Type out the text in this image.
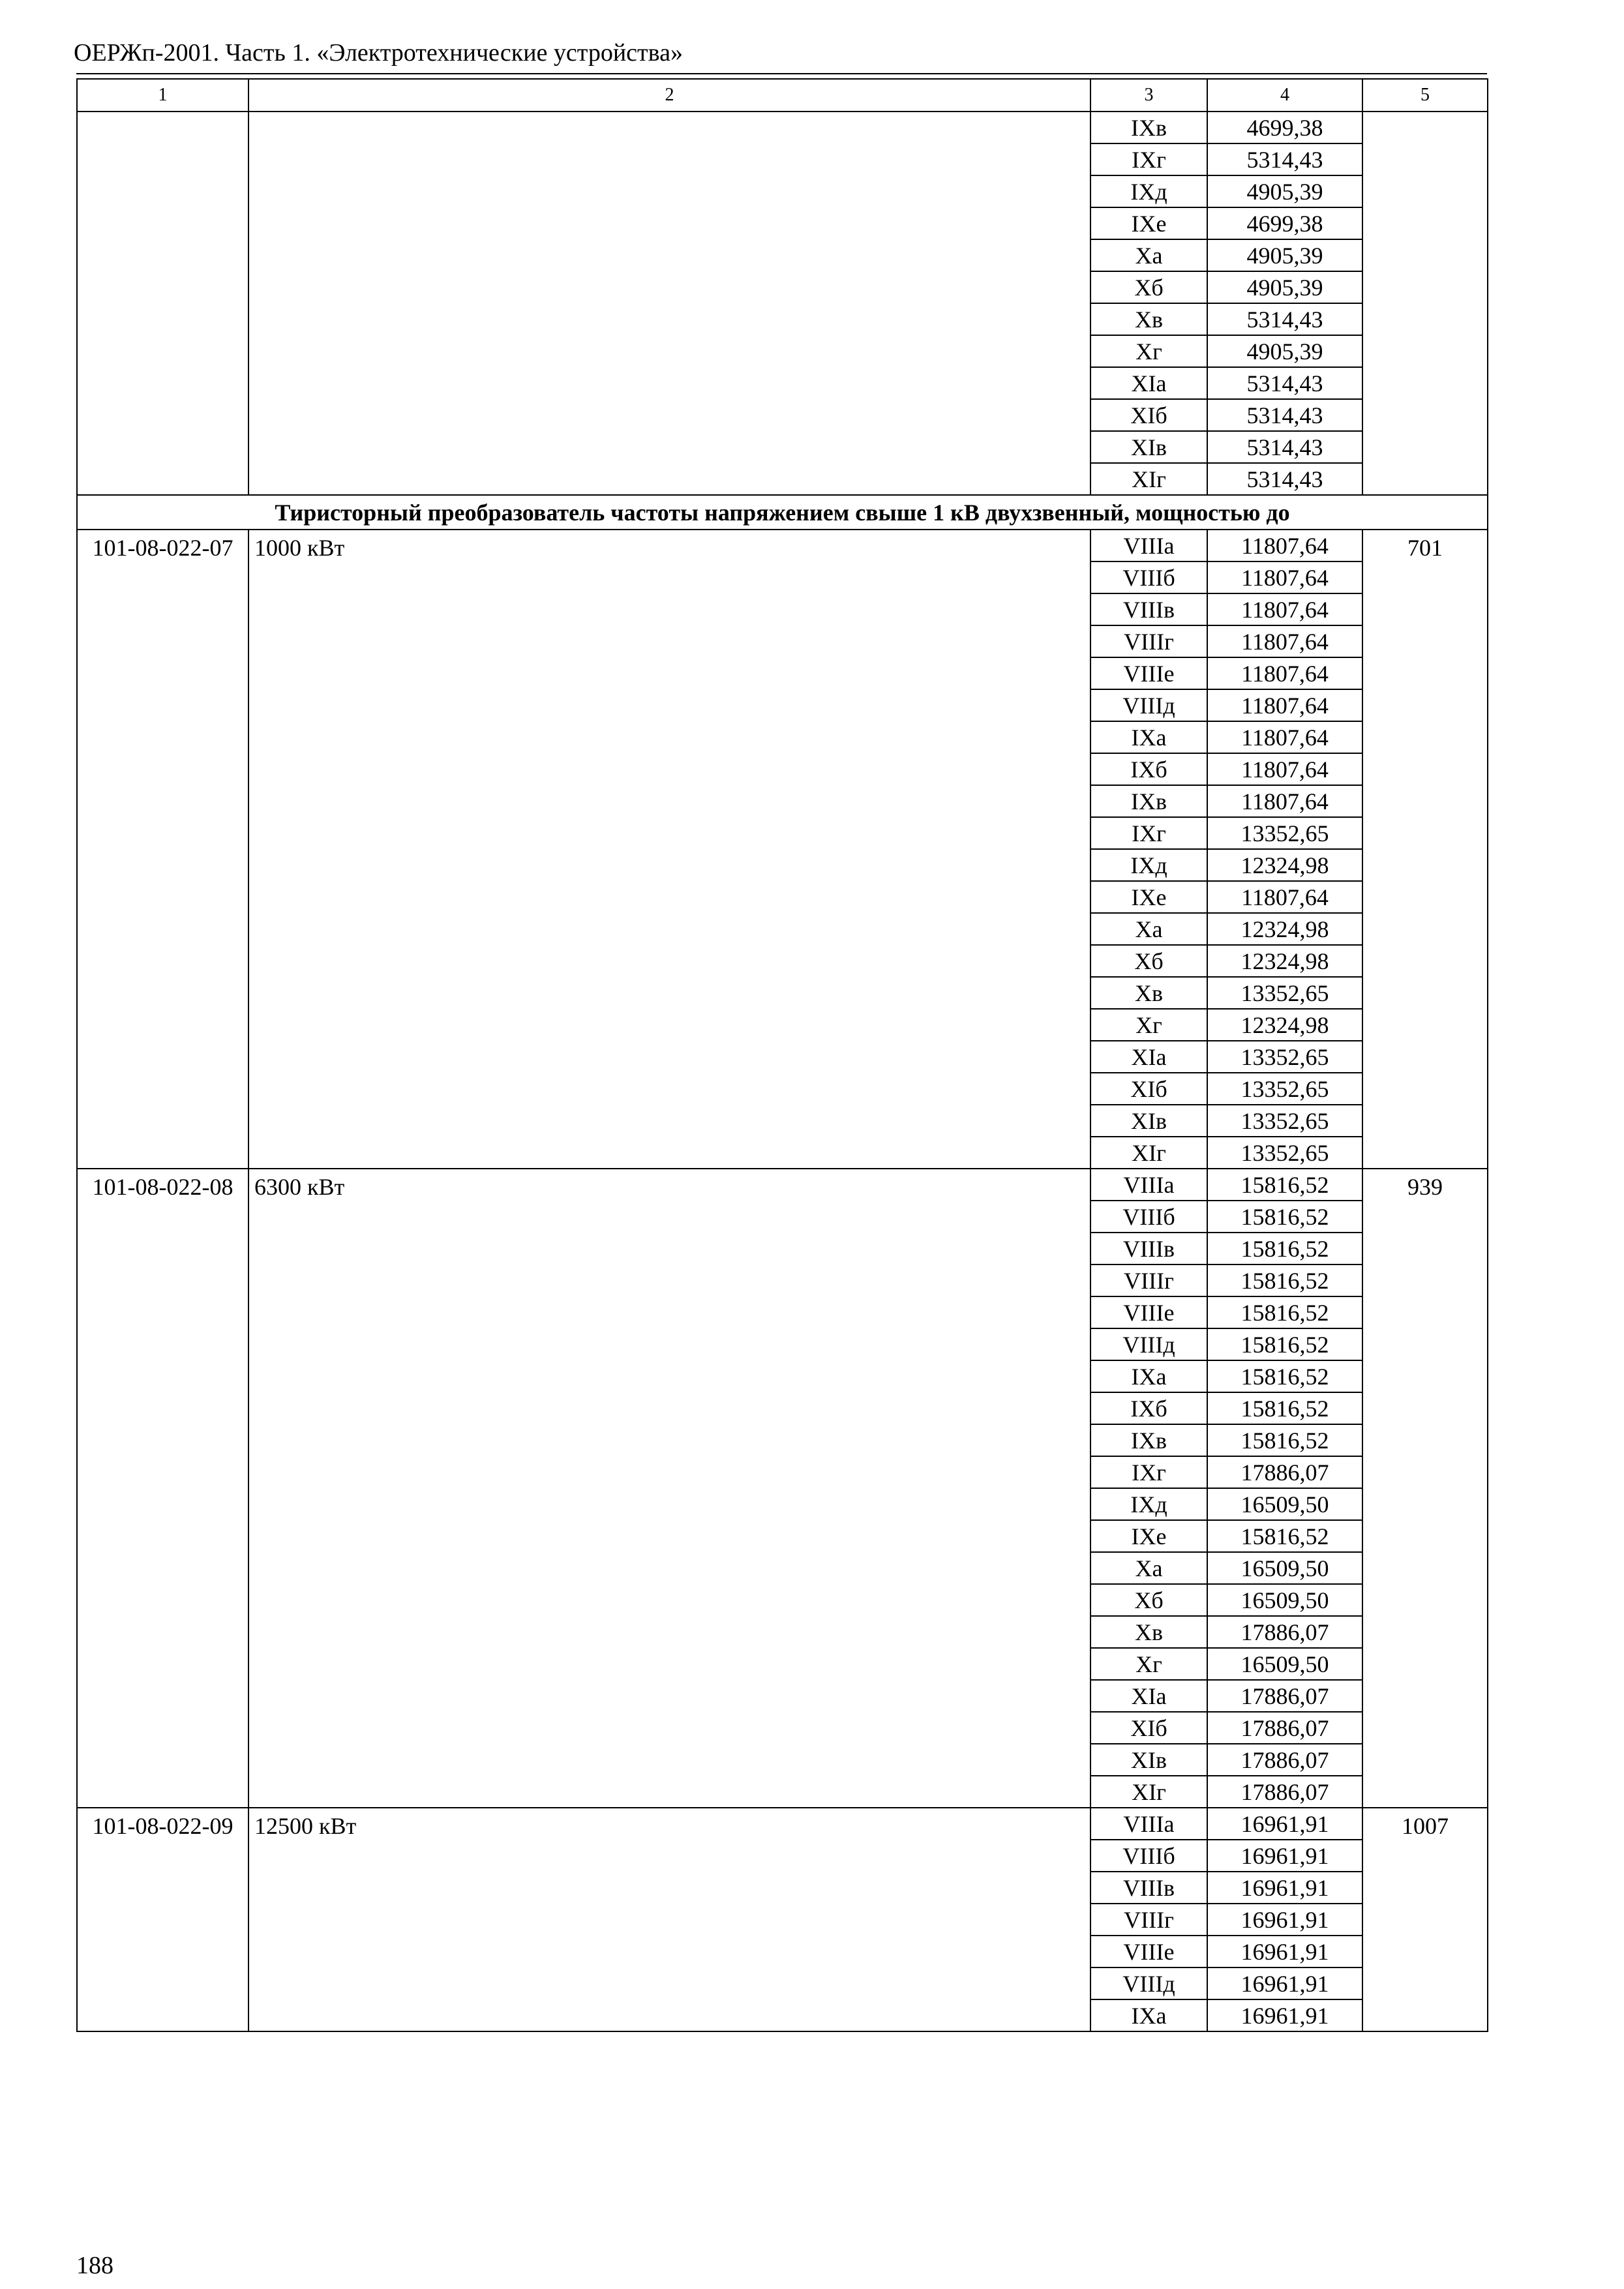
ОЕРЖп-2001. Часть 1. «Электротехнические устройства»
1	2	3	4	5
		IXв	4699,38	
		IXг	5314,43	
		IXд	4905,39	
		IXе	4699,38	
		Xа	4905,39	
		Xб	4905,39	
		Xв	5314,43	
		Xг	4905,39	
		XIа	5314,43	
		XIб	5314,43	
		XIв	5314,43	
		XIг	5314,43	
Тиристорный преобразователь частоты напряжением свыше 1 кВ двухзвенный, мощностью до				
101-08-022-07	1000 кВт	VIIIа	11807,64	701
		VIIIб	11807,64	
		VIIIв	11807,64	
		VIIIг	11807,64	
		VIIIе	11807,64	
		VIIIд	11807,64	
		IXа	11807,64	
		IXб	11807,64	
		IXв	11807,64	
		IXг	13352,65	
		IXд	12324,98	
		IXе	11807,64	
		Xа	12324,98	
		Xб	12324,98	
		Xв	13352,65	
		Xг	12324,98	
		XIа	13352,65	
		XIб	13352,65	
		XIв	13352,65	
		XIг	13352,65	
101-08-022-08	6300 кВт	VIIIа	15816,52	939
		VIIIб	15816,52	
		VIIIв	15816,52	
		VIIIг	15816,52	
		VIIIе	15816,52	
		VIIIд	15816,52	
		IXа	15816,52	
		IXб	15816,52	
		IXв	15816,52	
		IXг	17886,07	
		IXд	16509,50	
		IXе	15816,52	
		Xа	16509,50	
		Xб	16509,50	
		Xв	17886,07	
		Xг	16509,50	
		XIа	17886,07	
		XIб	17886,07	
		XIв	17886,07	
		XIг	17886,07	
101-08-022-09	12500 кВт	VIIIа	16961,91	1007
		VIIIб	16961,91	
		VIIIв	16961,91	
		VIIIг	16961,91	
		VIIIе	16961,91	
		VIIIд	16961,91	
		IXа	16961,91	
188
